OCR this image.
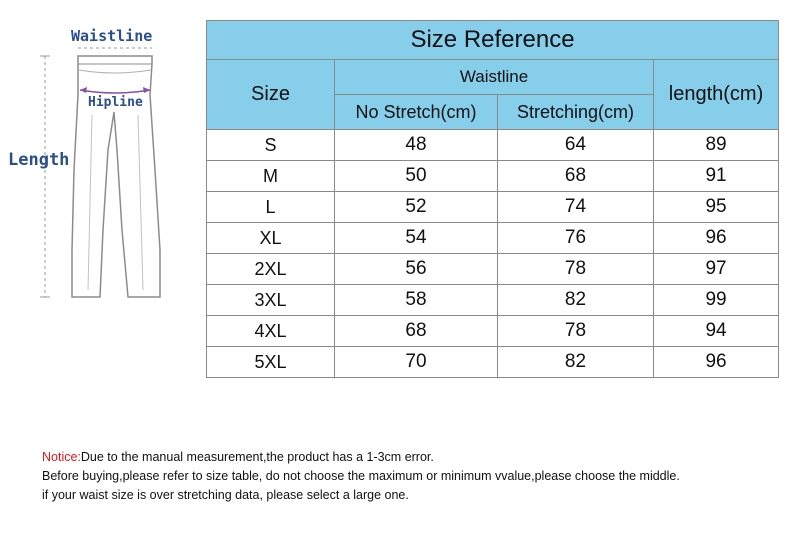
Waistline
Hipline
Length
Size Reference			
Size	Waistline		length(cm)
	No Stretch(cm)	Stretching(cm)	
S	48	64	89
M	50	68	91
L	52	74	95
XL	54	76	96
2XL	56	78	97
3XL	58	82	99
4XL	68	78	94
5XL	70	82	96

Notice:Due to the manual measurement,the product has a 1-3cm error.

Before buying,please refer to size table, do not choose the maximum or minimum vvalue,please choose the middle.

if your waist size is over stretching data, please select a large one.
